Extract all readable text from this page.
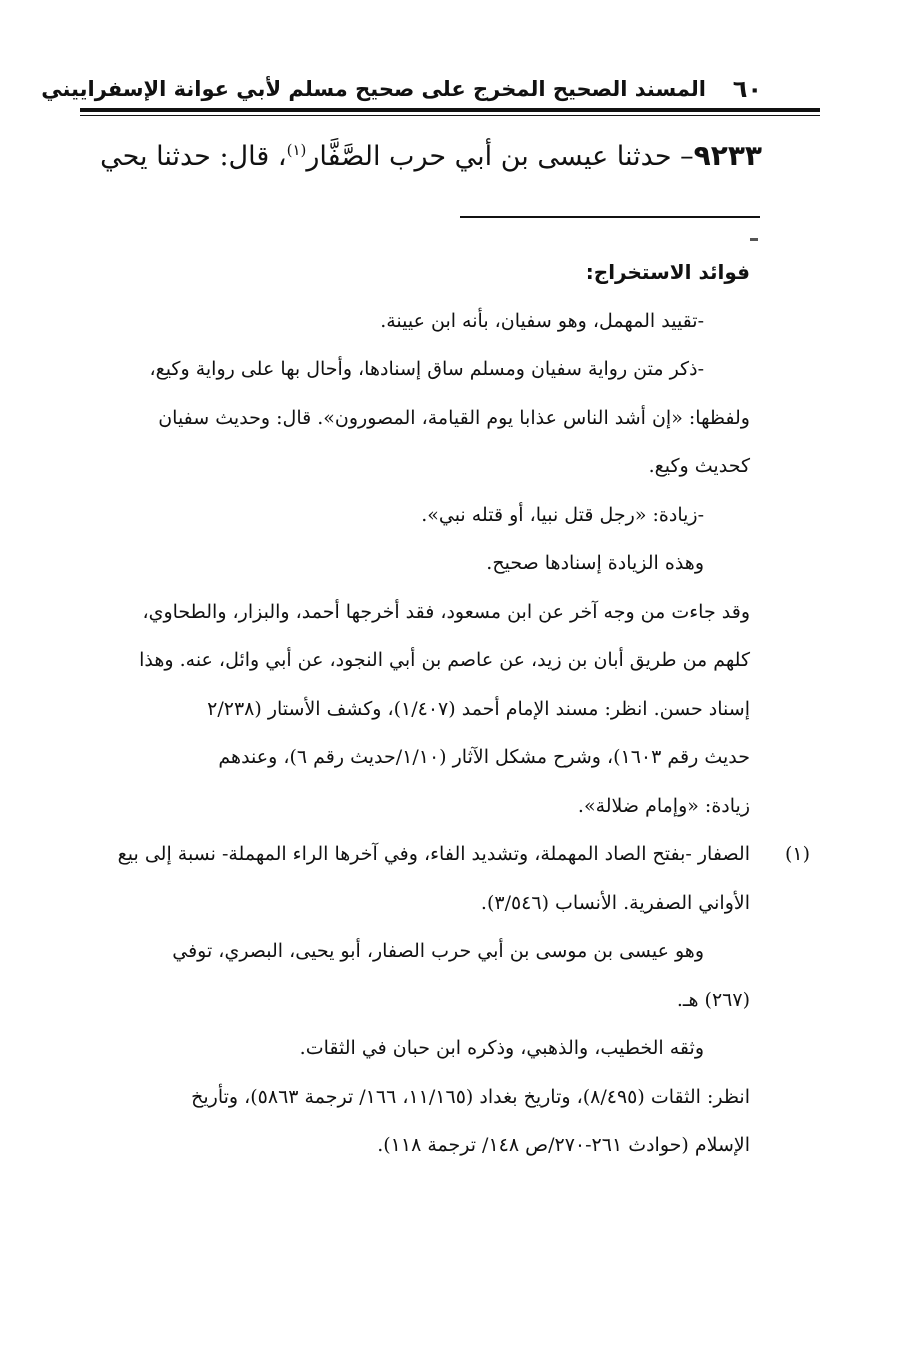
٦٠
المسند الصحيح المخرج على صحيح مسلم لأبي عوانة الإسفراييني
٩٢٣٣– حدثنا عيسى بن أبي حرب الصَّفَّار$^{(١)}$، قال: حدثنا يحي

فوائد الاستخراج:

-تقييد المهمل، وهو سفيان، بأنه ابن عيينة.

-ذكر متن رواية سفيان ومسلم ساق إسنادها، وأحال بها على رواية وكيع،

ولفظها: «إن أشد الناس عذابا يوم القيامة، المصورون». قال: وحديث سفيان

كحديث وكيع.

-زيادة: «رجل قتل نبيا، أو قتله نبي».

وهذه الزيادة إسنادها صحيح.

وقد جاءت من وجه آخر عن ابن مسعود، فقد أخرجها أحمد، والبزار، والطحاوي،

كلهم من طريق أبان بن زيد، عن عاصم بن أبي النجود، عن أبي وائل، عنه. وهذا

إسناد حسن. انظر: مسند الإمام أحمد (١/٤٠٧)، وكشف الأستار (٢/٢٣٨

حديث رقم ١٦٠٣)، وشرح مشكل الآثار (١/١٠/حديث رقم ٦)، وعندهم

زيادة: «وإمام ضلالة».

(١)

الصفار -بفتح الصاد المهملة، وتشديد الفاء، وفي آخرها الراء المهملة- نسبة إلى بيع

الأواني الصفرية. الأنساب (٣/٥٤٦).

وهو عيسى بن موسى بن أبي حرب الصفار، أبو يحيى، البصري، توفي

(٢٦٧) هـ.

وثقه الخطيب، والذهبي، وذكره ابن حبان في الثقات.

انظر: الثقات (٨/٤٩٥)، وتاريخ بغداد (١١/١٦٥، ١٦٦/ ترجمة ٥٨٦٣)، وتأريخ

الإسلام (حوادث ٢٦١-٢٧٠/ص ١٤٨/ ترجمة ١١٨).
